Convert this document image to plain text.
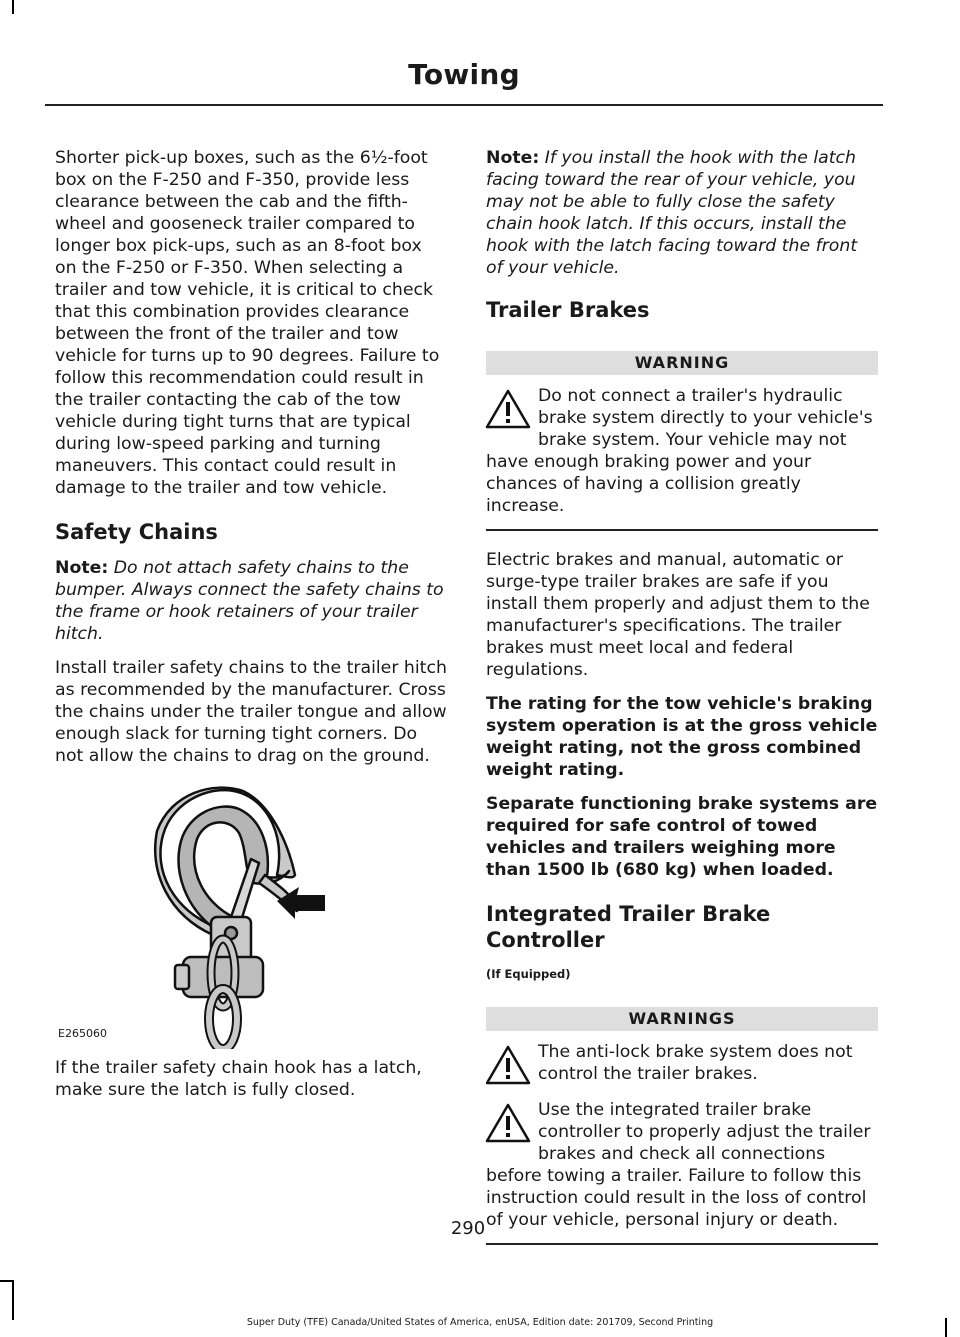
Towing

Shorter pick-up boxes, such as the 6½-foot box on the F-250 and F-350, provide less clearance between the cab and the fifth-wheel and gooseneck trailer compared to longer box pick-ups, such as an 8-foot box on the F-250 or F-350. When selecting a trailer and tow vehicle, it is critical to check that this combination provides clearance between the front of the trailer and tow vehicle for turns up to 90 degrees. Failure to follow this recommendation could result in the trailer contacting the cab of the tow vehicle during tight turns that are typical during low-speed parking and turning maneuvers. This contact could result in damage to the trailer and tow vehicle.

Safety Chains

Note: Do not attach safety chains to the bumper. Always connect the safety chains to the frame or hook retainers of your trailer hitch.

Install trailer safety chains to the trailer hitch as recommended by the manufacturer. Cross the chains under the trailer tongue and allow enough slack for turning tight corners. Do not allow the chains to drag on the ground.

E265060

If the trailer safety chain hook has a latch, make sure the latch is fully closed.

Note: If you install the hook with the latch facing toward the rear of your vehicle, you may not be able to fully close the safety chain hook latch. If this occurs, install the hook with the latch facing toward the front of your vehicle.

Trailer Brakes
WARNING
Do not connect a trailer's hydraulic brake system directly to your vehicle's brake system. Your vehicle may not have enough braking power and your chances of having a collision greatly increase.

Electric brakes and manual, automatic or surge-type trailer brakes are safe if you install them properly and adjust them to the manufacturer's specifications. The trailer brakes must meet local and federal regulations.

The rating for the tow vehicle's braking system operation is at the gross vehicle weight rating, not the gross combined weight rating.

Separate functioning brake systems are required for safe control of towed vehicles and trailers weighing more than 1500 lb (680 kg) when loaded.

Integrated Trailer Brake Controller
(If Equipped)
WARNINGS
The anti-lock brake system does not control the trailer brakes.
Use the integrated trailer brake controller to properly adjust the trailer brakes and check all connections before towing a trailer. Failure to follow this instruction could result in the loss of control of your vehicle, personal injury or death.
290
Super Duty (TFE) Canada/United States of America, enUSA, Edition date: 201709, Second Printing
